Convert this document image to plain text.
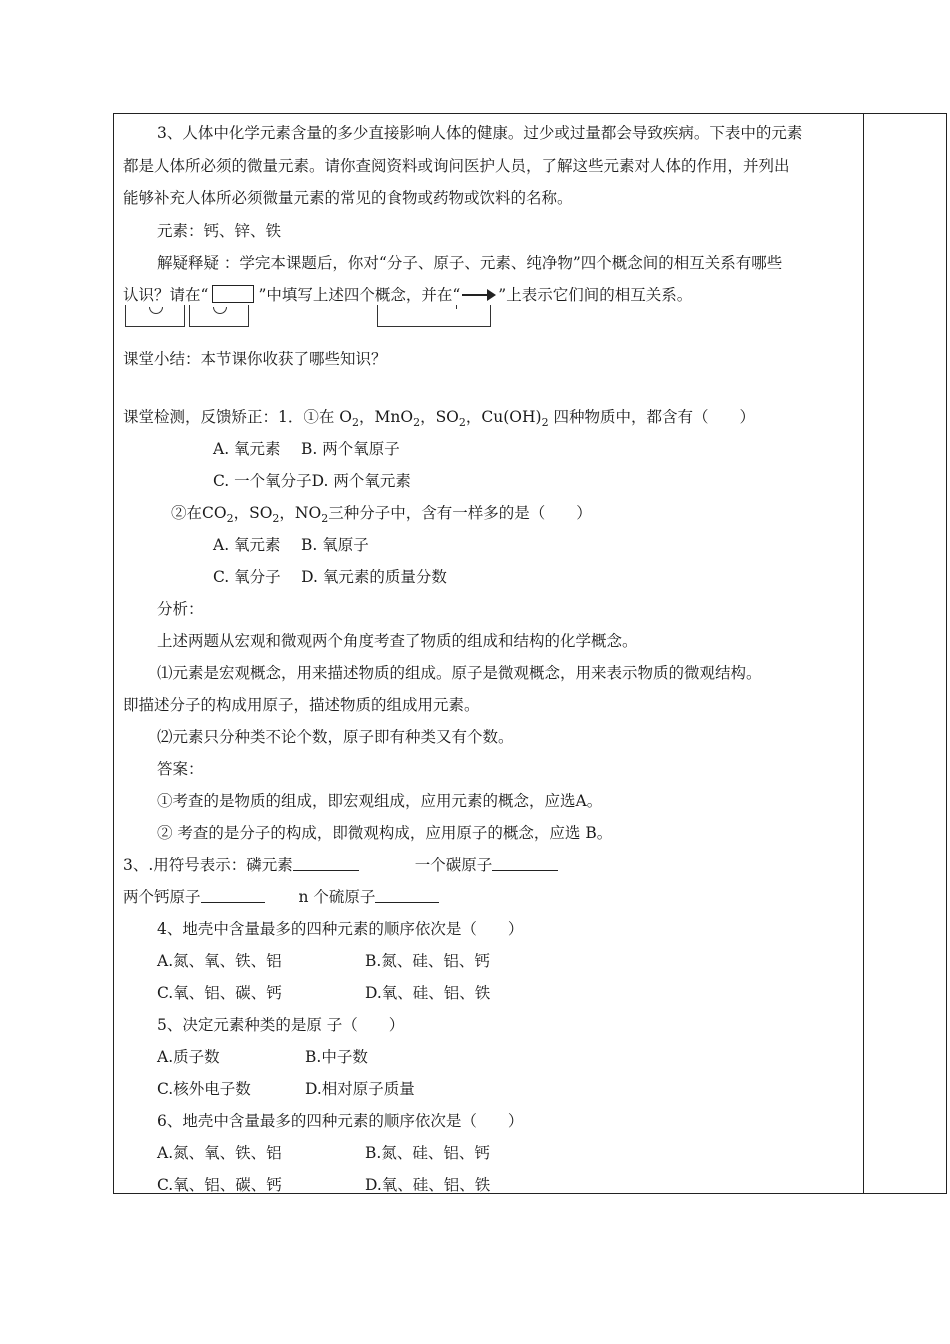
3、人体中化学元素含量的多少直接影响人体的健康。过少或过量都会导致疾病。下表中的元素
都是人体所必须的微量元素。请你查阅资料或询问医护人员，了解这些元素对人体的作用，并列出
能够补充人体所必须微量元素的常见的食物或药物或饮料的名称。
元素：钙、锌、铁
解疑释疑 ：学完本课题后，你对“分子、原子、元素、纯净物”四个概念间的相互关系有哪些
认识？请在“	”中填写上述四个概念，并在“ ”上表示它们间的相互关系。
课堂小结：本节课你收获了哪些知识？
课堂检测，反馈矫正：1．①在 $O_2$，MnO$_2$，$SO_2$，$Cu(OH)_2$ 四种物质中，都含有（　　）
A. 氧元素　 B. 两个氧原子
C. 一个氧分子D. 两个氧元素
②在$CO_2$，$SO_2$，$NO_2$三种分子中，含有一样多的是（　　）
A. 氧元素　 B. 氧原子
C. 氧分子　 D. 氧元素的质量分数
分析：
上述两题从宏观和微观两个角度考查了物质的组成和结构的化学概念。
⑴元素是宏观概念，用来描述物质的组成。原子是微观概念，用来表示物质的微观结构。
即描述分子的构成用原子，描述物质的组成用元素。
⑵元素只分种类不论个数，原子即有种类又有个数。
答案：
①考查的是物质的组成，即宏观组成，应用元素的概念，应选A。
② 考查的是分子的构成，即微观构成，应用原子的概念，应选 B。
3、.用符号表示：磷元素	一个碳原子
两个钙原子	n 个硫原子
4、地壳中含量最多的四种元素的顺序依次是（　　）
A.氮、氧、铁、铝	B.氮、硅、铝、钙
C.氧、铝、碳、钙	D.氧、硅、铝、铁
5、决定元素种类的是原 子（　　）
A.质子数	B.中子数
C.核外电子数	D.相对原子质量
6、地壳中含量最多的四种元素的顺序依次是（　　）
A.氮、氧、铁、铝	B.氮、硅、铝、钙
C.氧、铝、碳、钙	D.氧、硅、铝、铁
